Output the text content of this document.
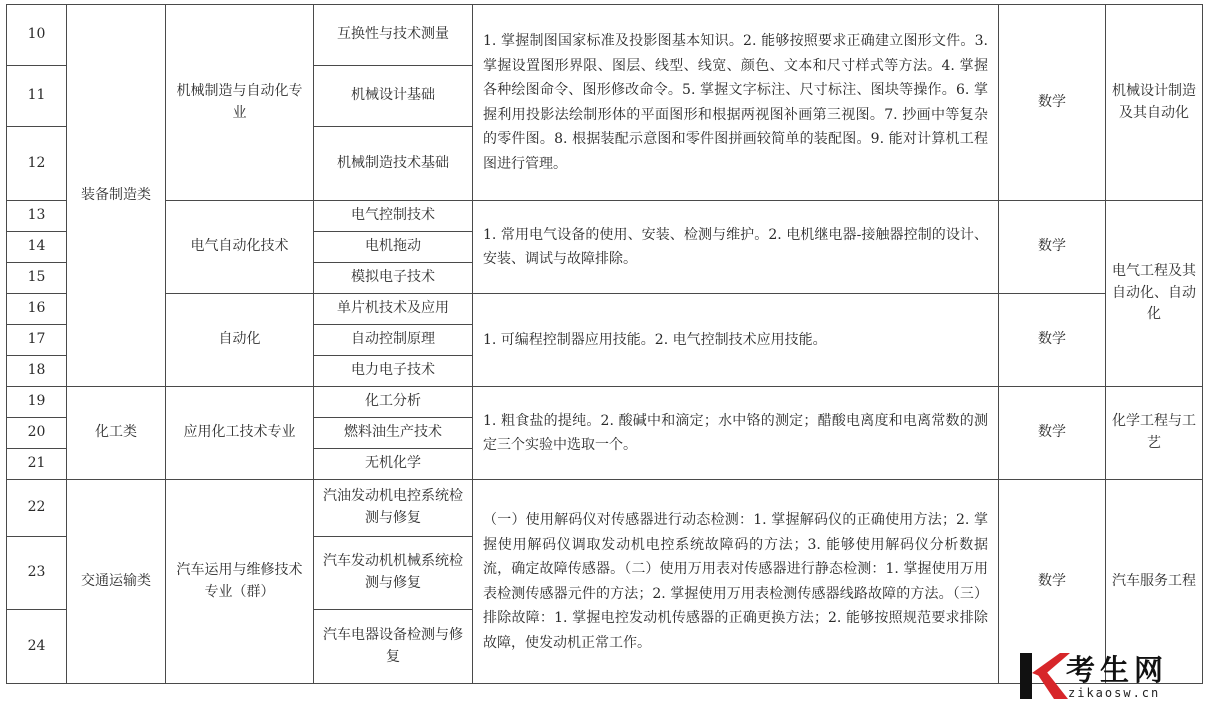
10	装备制造类	机械制造与自动化专业	互换性与技术测量	1. 掌握制图国家标准及投影图基本知识。2. 能够按照要求正确建立图形文件。3. 掌握设置图形界限、图层、线型、线宽、颜色、文本和尺寸样式等方法。4. 掌握各种绘图命令、图形修改命令。5. 掌握文字标注、尺寸标注、图块等操作。6. 掌握利用投影法绘制形体的平面图形和根据两视图补画第三视图。7. 抄画中等复杂的零件图。8. 根据装配示意图和零件图拼画较简单的装配图。9. 能对计算机工程图进行管理。	数学	机械设计制造及其自动化
11			机械设计基础			
12			机械制造技术基础			
13		电气自动化技术	电气控制技术	1. 常用电气设备的使用、安装、检测与维护。2. 电机继电器-接触器控制的设计、安装、调试与故障排除。	数学	电气工程及其自动化、自动化
14			电机拖动			
15			模拟电子技术			
16		自动化	单片机技术及应用	1. 可编程控制器应用技能。2. 电气控制技术应用技能。	数学	
17			自动控制原理			
18			电力电子技术			
19	化工类	应用化工技术专业	化工分析	1. 粗食盐的提纯。2. 酸碱中和滴定；水中铬的测定；醋酸电离度和电离常数的测定三个实验中选取一个。	数学	化学工程与工艺
20			燃料油生产技术			
21			无机化学			
22	交通运输类	汽车运用与维修技术专业（群）	汽油发动机电控系统检测与修复	（一）使用解码仪对传感器进行动态检测：1. 掌握解码仪的正确使用方法；2. 掌握使用解码仪调取发动机电控系统故障码的方法；3. 能够使用解码仪分析数据流，确定故障传感器。（二）使用万用表对传感器进行静态检测：1. 掌握使用万用表检测传感器元件的方法；2. 掌握使用万用表检测传感器线路故障的方法。（三）排除故障：1. 掌握电控发动机传感器的正确更换方法；2. 能够按照规范要求排除故障，使发动机正常工作。	数学	汽车服务工程
23			汽车发动机机械系统检测与修复			
24			汽车电器设备检测与修复				考生网
zikaosw.cn
